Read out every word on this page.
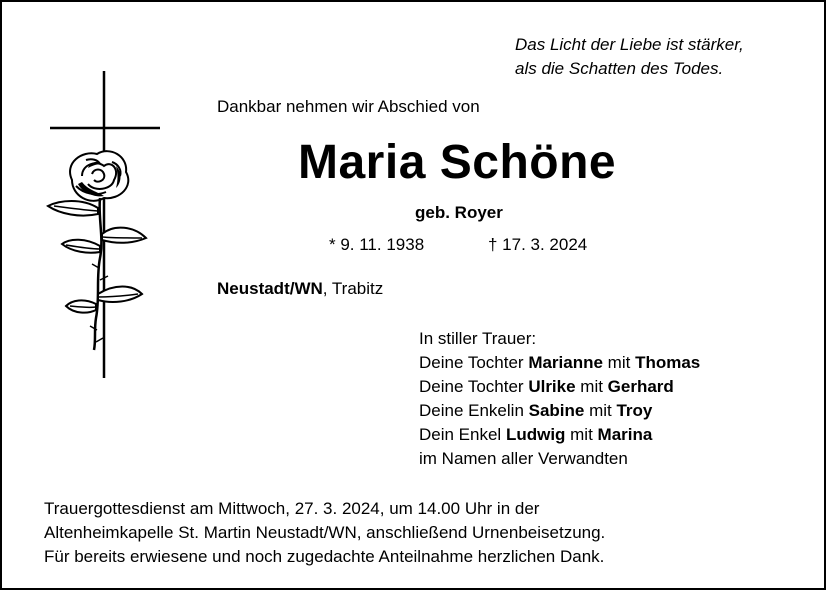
Das Licht der Liebe ist stärker,
als die Schatten des Todes.
Dankbar nehmen wir Abschied von
Maria Schöne
geb. Royer
* 9. 11. 1938	† 17. 3. 2024
Neustadt/WN, Trabitz
In stiller Trauer:
Deine Tochter Marianne mit Thomas
Deine Tochter Ulrike mit Gerhard
Deine Enkelin Sabine mit Troy
Dein Enkel Ludwig mit Marina
im Namen aller Verwandten
Trauergottesdienst am Mittwoch, 27. 3. 2024, um 14.00 Uhr in der
Altenheimkapelle St. Martin Neustadt/WN, anschließend Urnenbeisetzung.
Für bereits erwiesene und noch zugedachte Anteilnahme herzlichen Dank.
